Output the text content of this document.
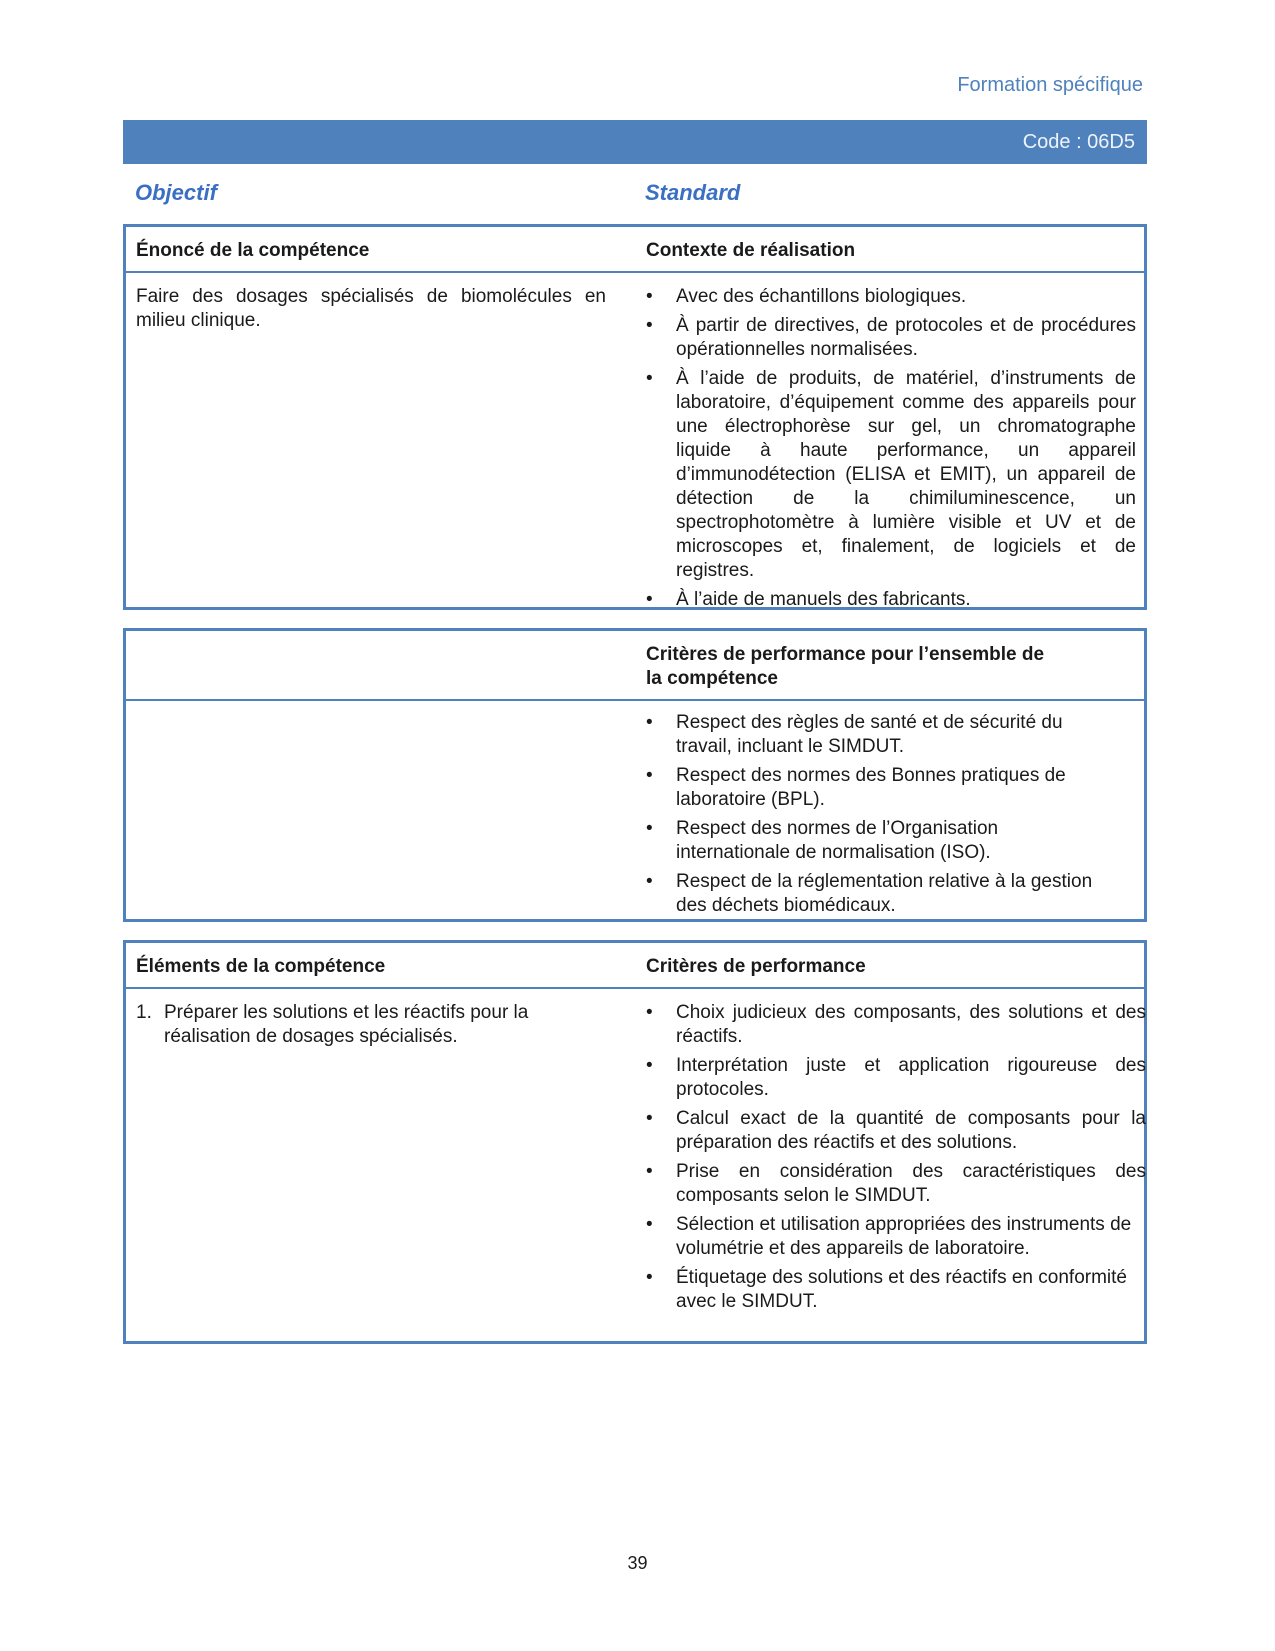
Formation spécifique
Code : 06D5
Objectif	Standard
Énoncé de la compétence	Contexte de réalisation
Faire des dosages spécialisés de biomolécules en milieu clinique.
•	Avec des échantillons biologiques.
•	À partir de directives, de protocoles et de procédures opérationnelles normalisées.
•	À l’aide de produits, de matériel, d’instruments de laboratoire, d’équipement comme des appareils pour une électrophorèse sur gel, un chromatographe liquide à haute performance, un appareil d’immunodétection (ELISA et EMIT), un appareil de détection de la chimiluminescence, un spectrophotomètre à lumière visible et UV et de microscopes et, finalement, de logiciels et de registres.
•	À l’aide de manuels des fabricants.
Critères de performance pour l’ensemble de la compétence
•	Respect des règles de santé et de sécurité du travail, incluant le SIMDUT.
•	Respect des normes des Bonnes pratiques de laboratoire (BPL).
•	Respect des normes de l’Organisation internationale de normalisation (ISO).
•	Respect de la réglementation relative à la gestion des déchets biomédicaux.
Éléments de la compétence	Critères de performance
1. Préparer les solutions et les réactifs pour la réalisation de dosages spécialisés.
•	Choix judicieux des composants, des solutions et des réactifs.
•	Interprétation juste et application rigoureuse des protocoles.
•	Calcul exact de la quantité de composants pour la préparation des réactifs et des solutions.
•	Prise en considération des caractéristiques des composants selon le SIMDUT.
•	Sélection et utilisation appropriées des instruments de volumétrie et des appareils de laboratoire.
•	Étiquetage des solutions et des réactifs en conformité avec le SIMDUT.
39
